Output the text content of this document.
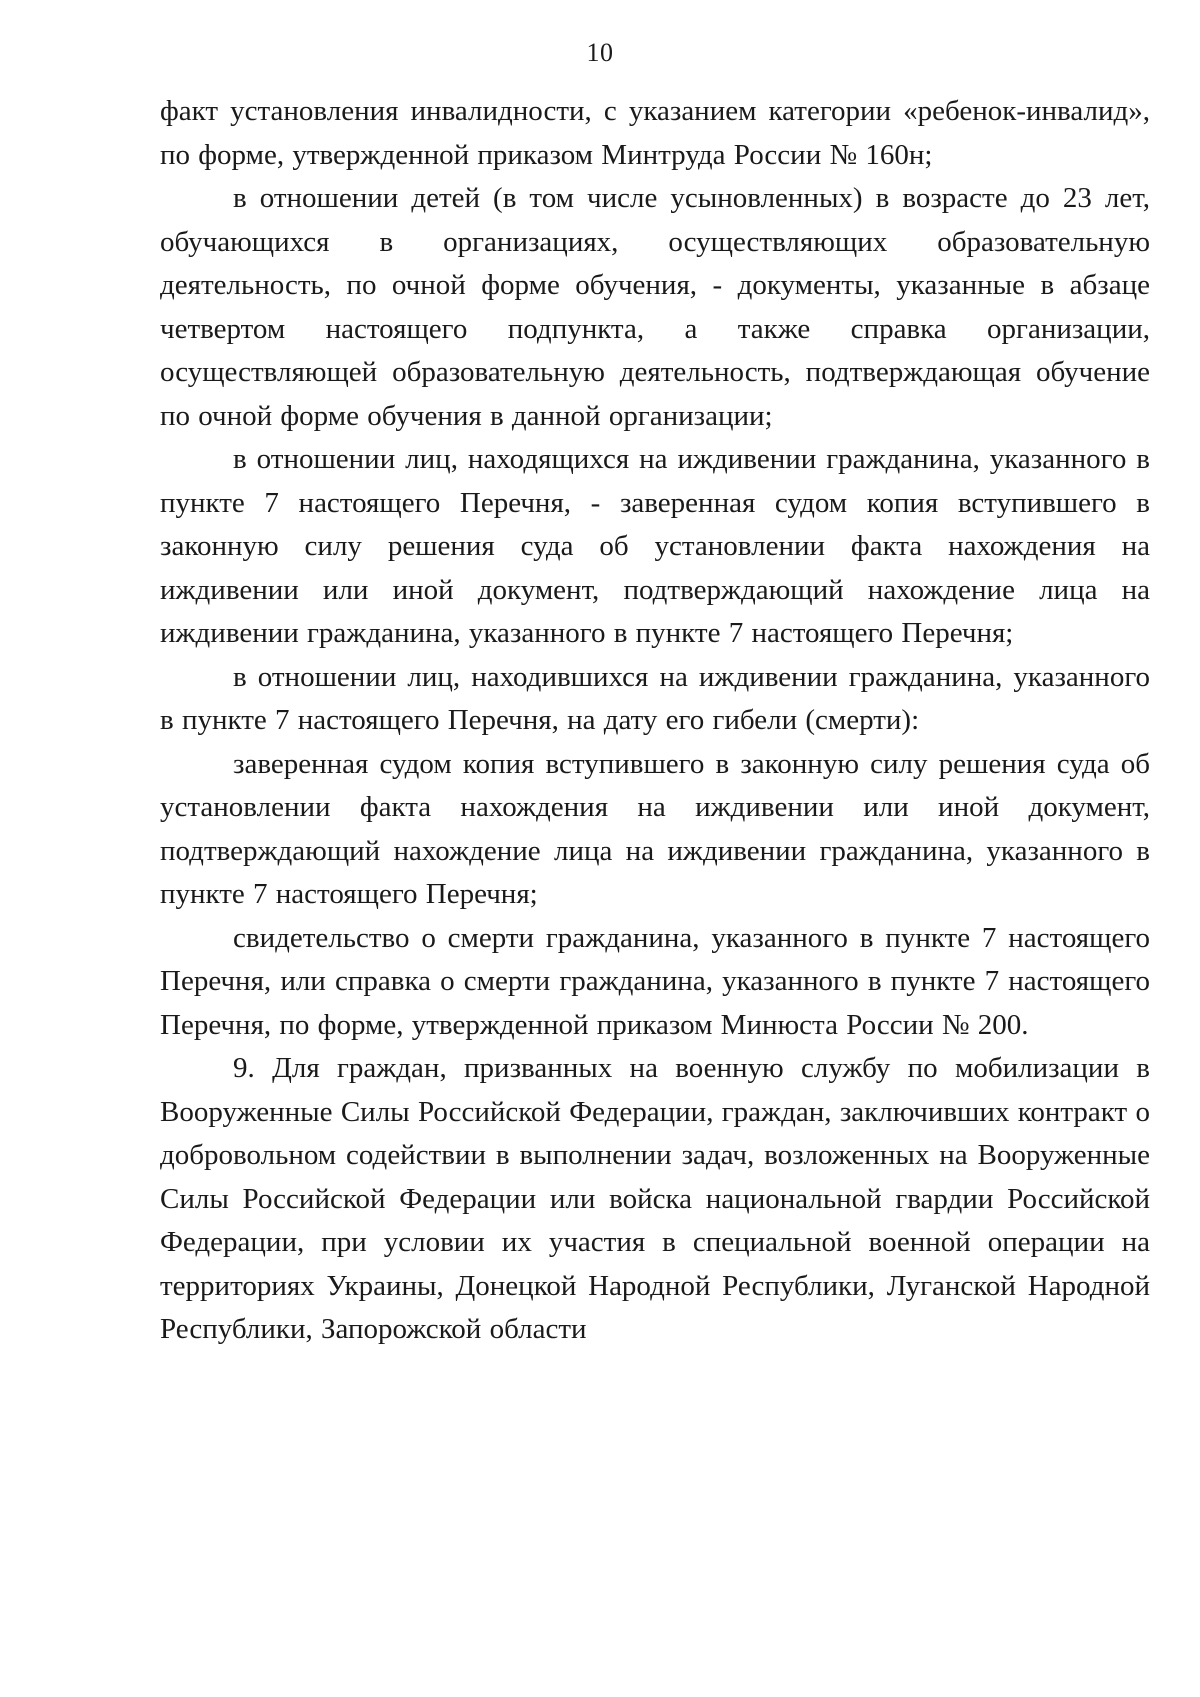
10

факт установления инвалидности, с указанием категории «ребенок-инвалид», по форме, утвержденной приказом Минтруда России № 160н;

в отношении детей (в том числе усыновленных) в возрасте до 23 лет, обучающихся в организациях, осуществляющих образовательную деятельность, по очной форме обучения, - документы, указанные в абзаце четвертом настоящего подпункта, а также справка организации, осуществляющей образовательную деятельность, подтверждающая обучение по очной форме обучения в данной организации;

в отношении лиц, находящихся на иждивении гражданина, указанного в пункте 7 настоящего Перечня, - заверенная судом копия вступившего в законную силу решения суда об установлении факта нахождения на иждивении или иной документ, подтверждающий нахождение лица на иждивении гражданина, указанного в пункте 7 настоящего Перечня;

в отношении лиц, находившихся на иждивении гражданина, указанного в пункте 7 настоящего Перечня, на дату его гибели (смерти):

заверенная судом копия вступившего в законную силу решения суда об установлении факта нахождения на иждивении или иной документ, подтверждающий нахождение лица на иждивении гражданина, указанного в пункте 7 настоящего Перечня;

свидетельство о смерти гражданина, указанного в пункте 7 настоящего Перечня, или справка о смерти гражданина, указанного в пункте 7 настоящего Перечня, по форме, утвержденной приказом Минюста России № 200.

9. Для граждан, призванных на военную службу по мобилизации в Вооруженные Силы Российской Федерации, граждан, заключивших контракт о добровольном содействии в выполнении задач, возложенных на Вооруженные Силы Российской Федерации или войска национальной гвардии Российской Федерации, при условии их участия в специальной военной операции на территориях Украины, Донецкой Народной Республики, Луганской Народной Республики, Запорожской области
